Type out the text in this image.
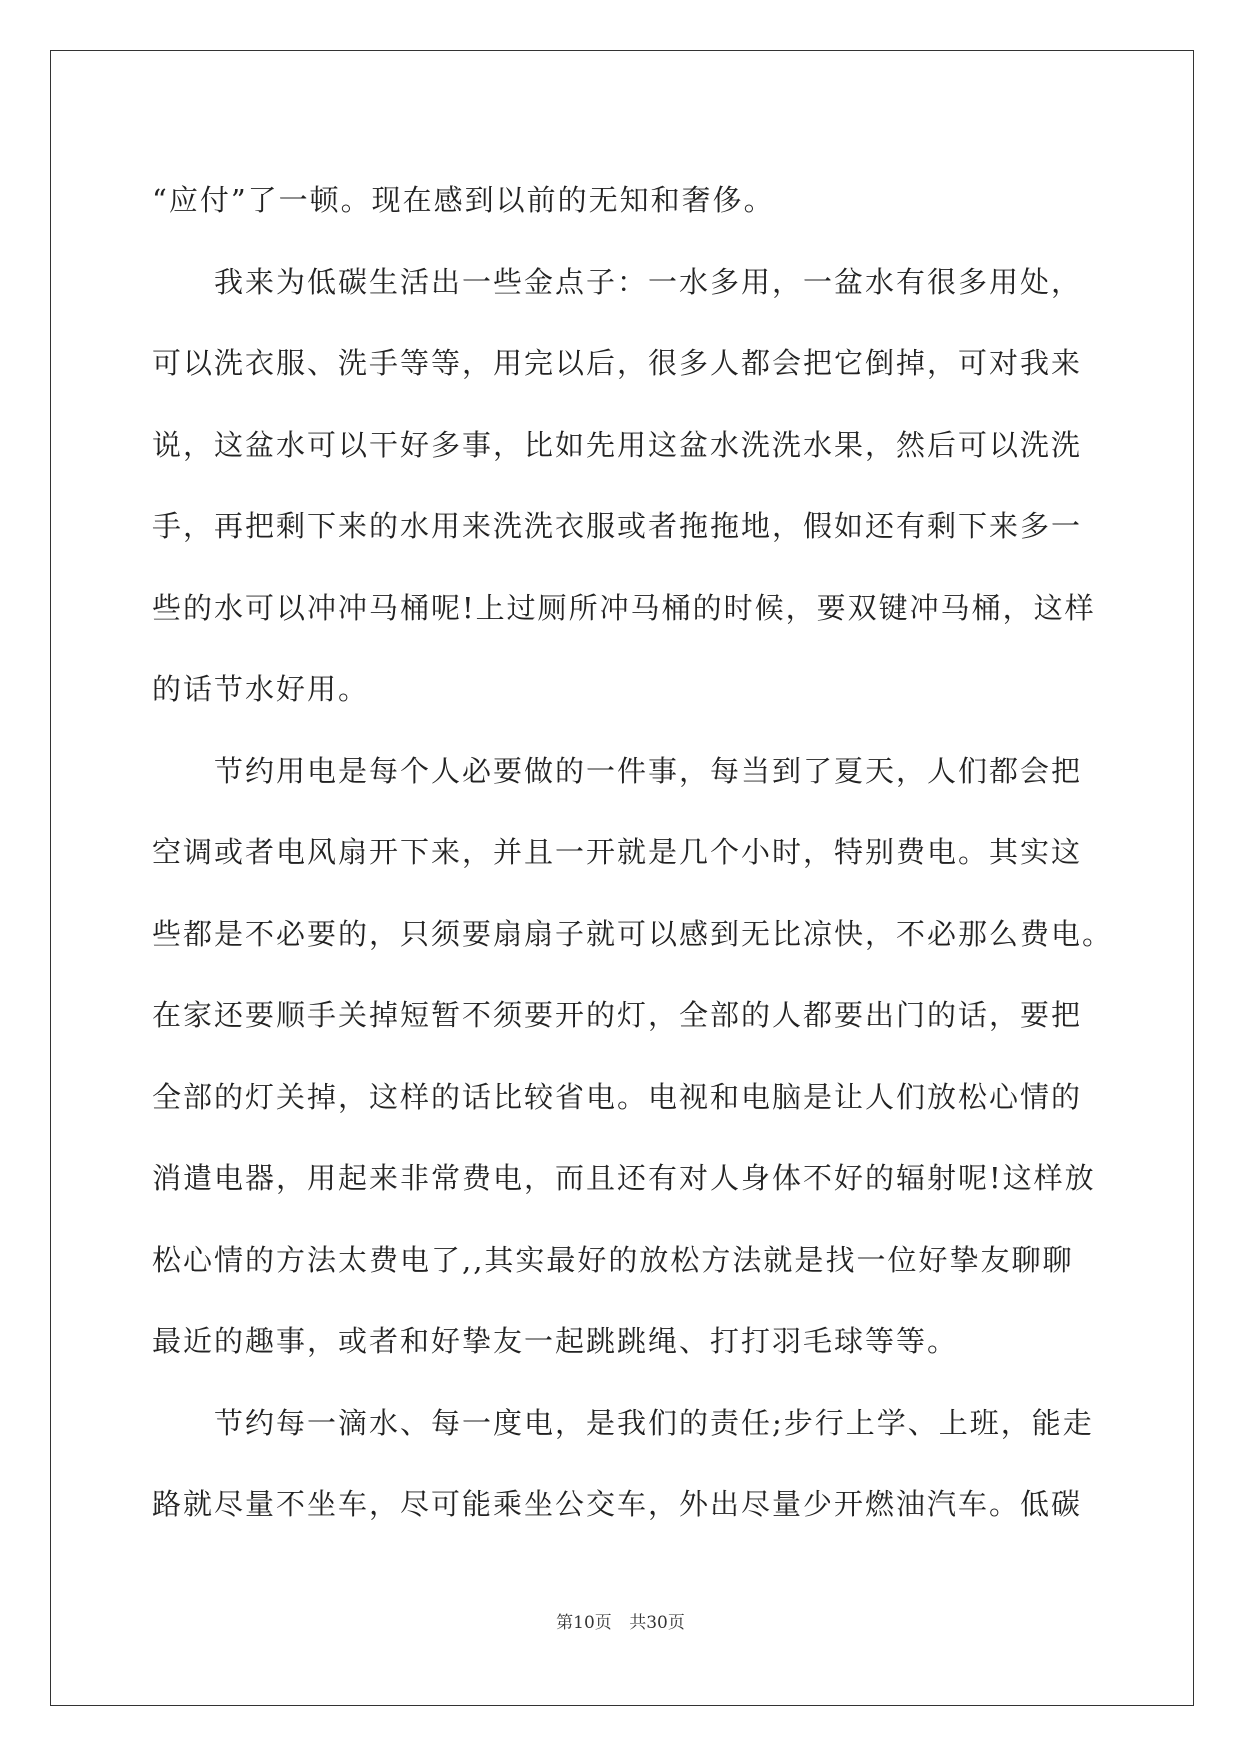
“应付”了一顿。现在感到以前的无知和奢侈。
我来为低碳生活出一些金点子：一水多用，一盆水有很多用处，
可以洗衣服、洗手等等，用完以后，很多人都会把它倒掉，可对我来
说，这盆水可以干好多事，比如先用这盆水洗洗水果，然后可以洗洗
手，再把剩下来的水用来洗洗衣服或者拖拖地，假如还有剩下来多一
些的水可以冲冲马桶呢!上过厕所冲马桶的时候，要双键冲马桶，这样
的话节水好用。
节约用电是每个人必要做的一件事，每当到了夏天，人们都会把
空调或者电风扇开下来，并且一开就是几个小时，特别费电。其实这
些都是不必要的，只须要扇扇子就可以感到无比凉快，不必那么费电。
在家还要顺手关掉短暂不须要开的灯，全部的人都要出门的话，要把
全部的灯关掉，这样的话比较省电。电视和电脑是让人们放松心情的
消遣电器，用起来非常费电，而且还有对人身体不好的辐射呢!这样放
松心情的方法太费电了,,其实最好的放松方法就是找一位好挚友聊聊
最近的趣事，或者和好挚友一起跳跳绳、打打羽毛球等等。
节约每一滴水、每一度电，是我们的责任;步行上学、上班，能走
路就尽量不坐车，尽可能乘坐公交车，外出尽量少开燃油汽车。低碳
第10页 共30页
